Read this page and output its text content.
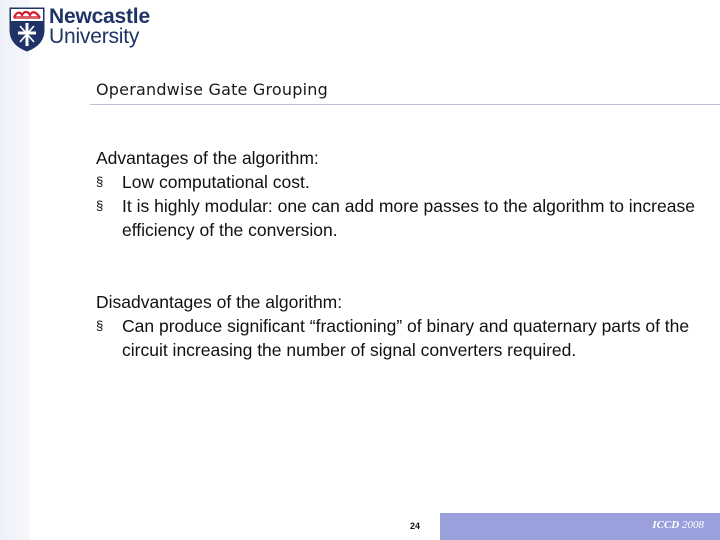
Newcastle
University
Operandwise Gate Grouping

Advantages of the algorithm:

§	Low computational cost.
§	It is highly modular: one can add more passes to the algorithm to increase efficiency of the conversion.

Disadvantages of the algorithm:

§	Can produce significant “fractioning” of binary and quaternary parts of the circuit increasing the number of signal converters required.
24	ICCD 2008
